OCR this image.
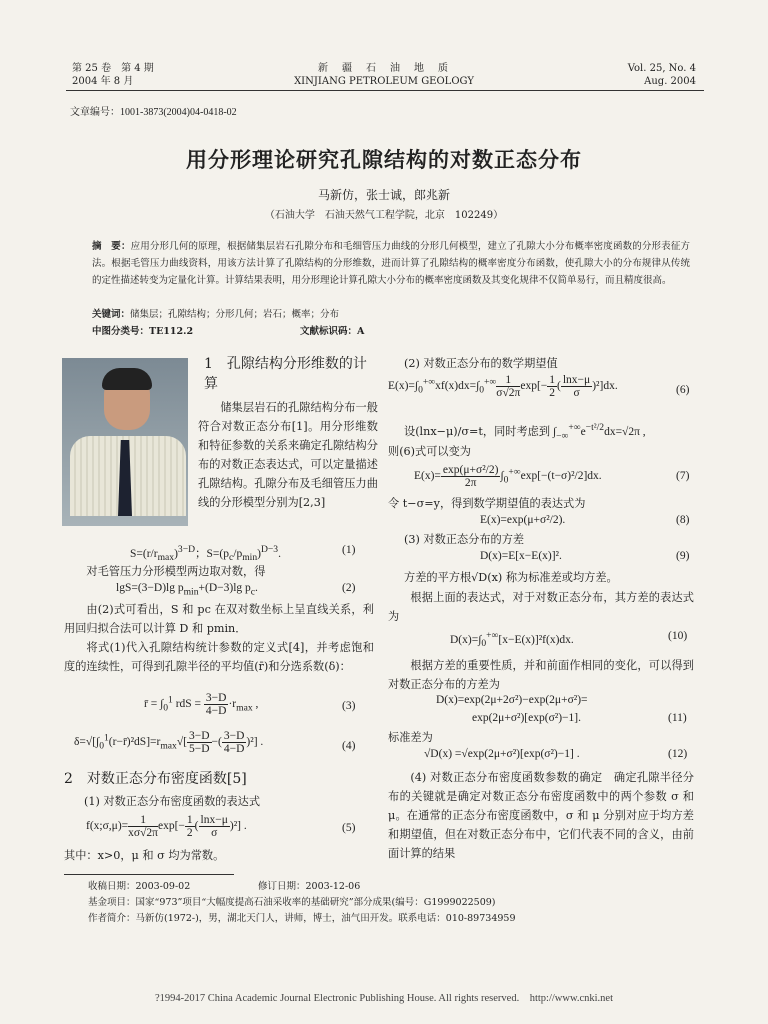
第 25 卷　第 4 期
2004 年 8 月
新　疆　石　油　地　质
XINJIANG PETROLEUM GEOLOGY
Vol. 25, No. 4
Aug. 2004
文章编号：1001-3873(2004)04-0418-02
用分形理论研究孔隙结构的对数正态分布
马新仿，张士诚，郎兆新
（石油大学　石油天然气工程学院，北京　102249）
摘　要：应用分形几何的原理，根据储集层岩石孔隙分布和毛细管压力曲线的分形几何模型，建立了孔隙大小分布概率密度函数的分形表征方法。根据毛管压力曲线资料，用该方法计算了孔隙结构的分形维数，进而计算了孔隙结构的概率密度分布函数，使孔隙大小的分布规律从传统的定性描述转变为定量化计算。计算结果表明，用分形理论计算孔隙大小分布的概率密度函数及其变化规律不仅简单易行，而且精度很高。
关键词：储集层；孔隙结构；分形几何；岩石；概率；分布
中图分类号：TE112.2	文献标识码：A
1　孔隙结构分形维数的计算
储集层岩石的孔隙结构分布一般符合对数正态分布[1]。用分形维数和特征参数的关系来确定孔隙结构分布的对数正态表达式，可以定量描述孔隙结构。孔隙分布及毛细管压力曲线的分形模型分别为[2,3]
$S=(r/r_{max})^{3-D}$；$S=(p_c/p_{min})^{D-3}$.	(1)
对毛管压力分形模型两边取对数，得
lgS=(3−D)lg $p_{min}+(D-3)\lg$ $p_c$.	(2)
由(2)式可看出，S 和 pc 在双对数坐标上呈直线关系，利用回归拟合法可以计算 D 和 pmin．
将式(1)代入孔隙结构统计参数的定义式[4]，并考虑饱和度的连续性，可得到孔隙半径的平均值(r̄)和分选系数(δ)：
r̄ = $\int_0^1$ rdS = $\frac{3-D}{4-D} \cdot r_{max}$ ,	(3)
$\delta=√[\int_0^1(r-r̄)^2dS]=r_{max}√[ \frac{3-D}{5-D}$ −( $\frac{3-D}{4-D} )^2$] .	(4)
2　对数正态分布密度函数[5]
(1) 对数正态分布密度函数的表达式
f(x;σ,μ)= $\frac{1}{x\sigma√2\pi} \exp[- \frac{1}{2}$ ( $\frac{\ln x-\mu}{\sigma} )^2$] .	(5)
其中：x>0，μ 和 σ 均为常数。
(2) 对数正态分布的数学期望值
$E(x)=\int_0^{+\infty}xf(x)dx=\int_0^{+\infty} \frac{1}{\sigma√2\pi} \exp[- \frac{1}{2}$ ( $\frac{\ln x-\mu}{\sigma} )^2]dx$.	(6)
设(lnx−μ)/σ=t，同时考虑到 $\int_{-\infty}^{+\infty}e^{-t^2/2}dx=√2\pi$ ,
则(6)式可以变为
$E(x)= \frac{\text{exp(μ+σ²/2)}}{2\pi} \int_0^{+\infty}\exp[-(t-\sigma)^2/2]dx$.	(7)
令 t−σ=y，得到数学期望值的表达式为
E(x)=exp(μ+σ²/2).	(8)
(3) 对数正态分布的方差
D(x)=E[x−E(x)]².	(9)
方差的平方根√D(x) 称为标准差或均方差。
根据上面的表达式，对于对数正态分布，其方差的表达式为
$D(x)=\int_0^{+\infty}[x-E(x)]^2f(x)dx$.	(10)
根据方差的重要性质，并和前面作相同的变化，可以得到对数正态分布的方差为
D(x)=exp(2μ+2σ²)−exp(2μ+σ²)=
exp(2μ+σ²)[exp(σ²)−1].	(11)
标准差为
√D(x) =√exp(2μ+σ²)[exp(σ²)−1] .	(12)
(4) 对数正态分布密度函数参数的确定　 确定孔隙半径分布的关键就是确定对数正态分布密度函数中的两个参数 σ 和 μ。在通常的正态分布密度函数中，σ 和 μ 分别对应于均方差和期望值，但在对数正态分布中，它们代表不同的含义，由前面计算的结果
收稿日期：2003-09-02	修订日期：2003-12-06
基金项目：国家“973”项目“大幅度提高石油采收率的基础研究”部分成果(编号：G1999022509)
作者简介：马新仿(1972-)，男，湖北天门人，讲师，博士，油气田开发。联系电话：010-89734959
?1994-2017 China Academic Journal Electronic Publishing House. All rights reserved.　http://www.cnki.net
